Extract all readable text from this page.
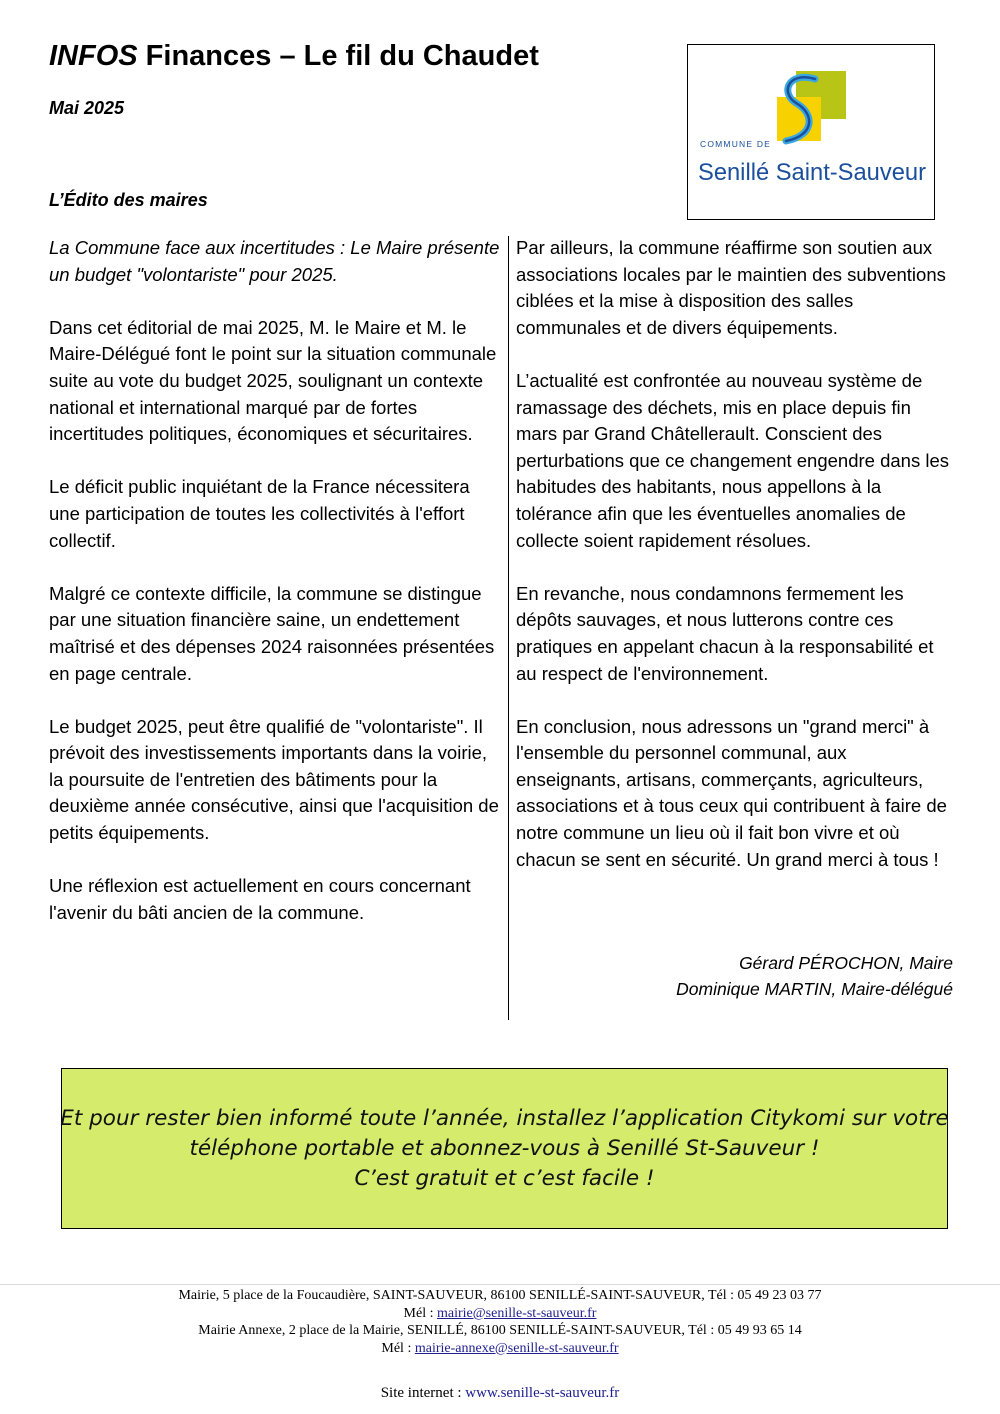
INFOS Finances – Le fil du Chaudet
Mai 2025
COMMUNE DE
Senillé Saint-Sauveur
L’Édito des maires

La Commune face aux incertitudes : Le Maire présente un budget "volontariste" pour 2025.

Dans cet éditorial de mai 2025, M. le Maire et M. le Maire-Délégué font le point sur la situation communale suite au vote du budget 2025, soulignant un contexte national et international marqué par de fortes incertitudes politiques, économiques et sécuritaires.

Le déficit public inquiétant de la France nécessitera une participation de toutes les collectivités à l'effort collectif.

Malgré ce contexte difficile, la commune se distingue par une situation financière saine, un endettement maîtrisé et des dépenses 2024 raisonnées présentées en page centrale.

Le budget 2025, peut être qualifié de "volontariste". Il prévoit des investissements importants dans la voirie, la poursuite de l'entretien des bâtiments pour la deuxième année consécutive, ainsi que l'acquisition de petits équipements.

Une réflexion est actuellement en cours concernant l'avenir du bâti ancien de la commune.

Par ailleurs, la commune réaffirme son soutien aux associations locales par le maintien des subventions ciblées et la mise à disposition des salles communales et de divers équipements.

L’actualité est confrontée au nouveau système de ramassage des déchets, mis en place depuis fin mars par Grand Châtellerault. Conscient des perturbations que ce changement engendre dans les habitudes des habitants, nous appellons à la tolérance afin que les éventuelles anomalies de collecte soient rapidement résolues.

En revanche, nous condamnons fermement les dépôts sauvages, et nous lutterons contre ces pratiques en appelant chacun à la responsabilité et au respect de l'environnement.

En conclusion, nous adressons un "grand merci" à l'ensemble du personnel communal, aux enseignants, artisans, commerçants, agriculteurs, associations et à tous ceux qui contribuent à faire de notre commune un lieu où il fait bon vivre et où chacun se sent en sécurité. Un grand merci à tous !

Gérard PÉROCHON, Maire
Dominique MARTIN, Maire-délégué
Et pour rester bien informé toute l’année, installez l’application Citykomi sur votre
téléphone portable et abonnez-vous à Senillé St-Sauveur !
C’est gratuit et c’est facile !
Mairie, 5 place de la Foucaudière, SAINT-SAUVEUR, 86100 SENILLÉ-SAINT-SAUVEUR, Tél : 05 49 23 03 77
Mél : mairie@senille-st-sauveur.fr
Mairie Annexe, 2 place de la Mairie, SENILLÉ, 86100 SENILLÉ-SAINT-SAUVEUR, Tél : 05 49 93 65 14
Mél : mairie-annexe@senille-st-sauveur.fr
Site internet : www.senille-st-sauveur.fr
